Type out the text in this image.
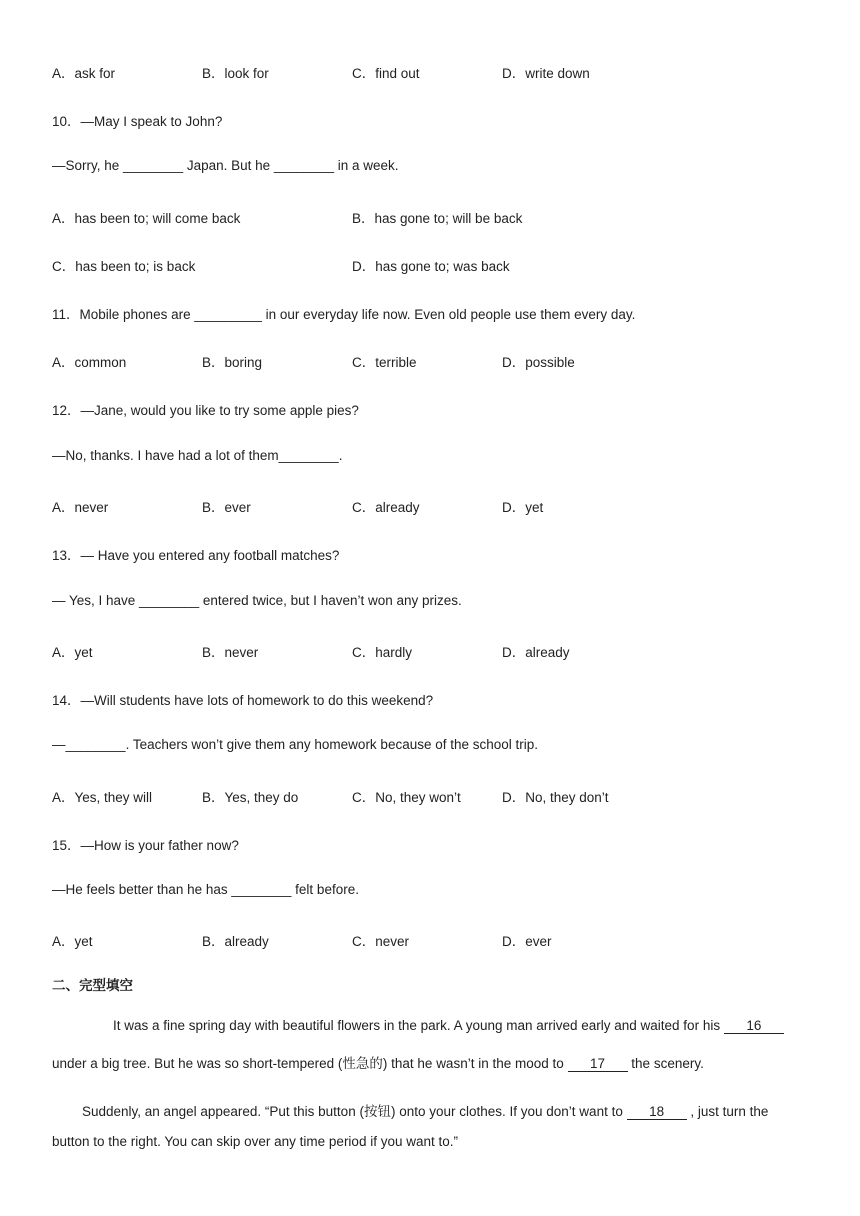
A．ask for	B．look for	C．find out	D．write down
10．—May I speak to John?
—Sorry, he ________ Japan. But he ________ in a week.
A．has been to; will come back	B．has gone to; will be back
C．has been to; is back	D．has gone to; was back
11．Mobile phones are _________ in our everyday life now. Even old people use them every day.
A．common	B．boring	C．terrible	D．possible
12．—Jane, would you like to try some apple pies?
—No, thanks. I have had a lot of them________.
A．never	B．ever	C．already	D．yet
13．— Have you entered any football matches?
— Yes, I have ________ entered twice, but I haven’t won any prizes.
A．yet	B．never	C．hardly	D．already
14．—Will students have lots of homework to do this weekend?
—________. Teachers won’t give them any homework because of the school trip.
A．Yes, they will	B．Yes, they do	C．No, they won’t	D．No, they don’t
15．—How is your father now?
—He feels better than he has ________ felt before.
A．yet	B．already	C．never	D．ever
二、完型填空
It was a fine spring day with beautiful flowers in the park. A young man arrived early and waited for his 16
under a big tree. But he was so short-tempered (性急的) that he wasn’t in the mood to 17 the scenery.
Suddenly, an angel appeared. “Put this button (按钮) onto your clothes. If you don’t want to 18 , just turn the
button to the right. You can skip over any time period if you want to.”
